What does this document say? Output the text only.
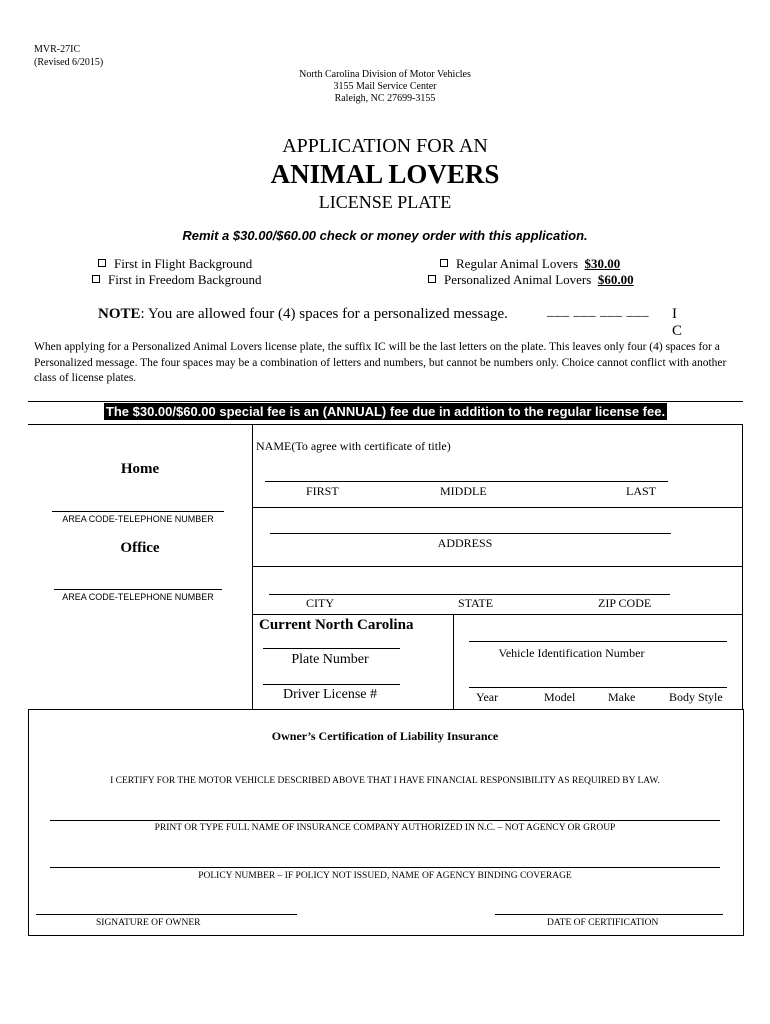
MVR-27IC
(Revised 6/2015)
North Carolina Division of Motor Vehicles
3155 Mail Service Center
Raleigh, NC 27699-3155
APPLICATION FOR AN
ANIMAL LOVERS
LICENSE PLATE
Remit a $30.00/$60.00 check or money order with this application.
First in Flight Background
First in Freedom Background
Regular Animal Lovers $30.00
Personalized Animal Lovers $60.00
NOTE: You are allowed four (4) spaces for a personalized message.	___ ___ ___ ___ I
C
When applying for a Personalized Animal Lovers license plate, the suffix IC will be the last letters on the plate. This leaves only four (4) spaces for a Personalized message. The four spaces may be a combination of letters and numbers, but cannot be numbers only. Choice cannot conflict with another class of license plates.
The $30.00/$60.00 special fee is an (ANNUAL) fee due in addition to the regular license fee.
Home
AREA CODE-TELEPHONE NUMBER
Office
AREA CODE-TELEPHONE NUMBER
NAME(To agree with certificate of title)
FIRST	MIDDLE	LAST
ADDRESS
CITY	STATE	ZIP CODE
Current North Carolina
Plate Number
Driver License #
Vehicle Identification Number
Year	Model	Make	Body Style
Owner’s Certification of Liability Insurance
I CERTIFY FOR THE MOTOR VEHICLE DESCRIBED ABOVE THAT I HAVE FINANCIAL RESPONSIBILITY AS REQUIRED BY LAW.
PRINT OR TYPE FULL NAME OF INSURANCE COMPANY AUTHORIZED IN N.C. – NOT AGENCY OR GROUP
POLICY NUMBER – IF POLICY NOT ISSUED, NAME OF AGENCY BINDING COVERAGE
SIGNATURE OF OWNER	DATE OF CERTIFICATION
